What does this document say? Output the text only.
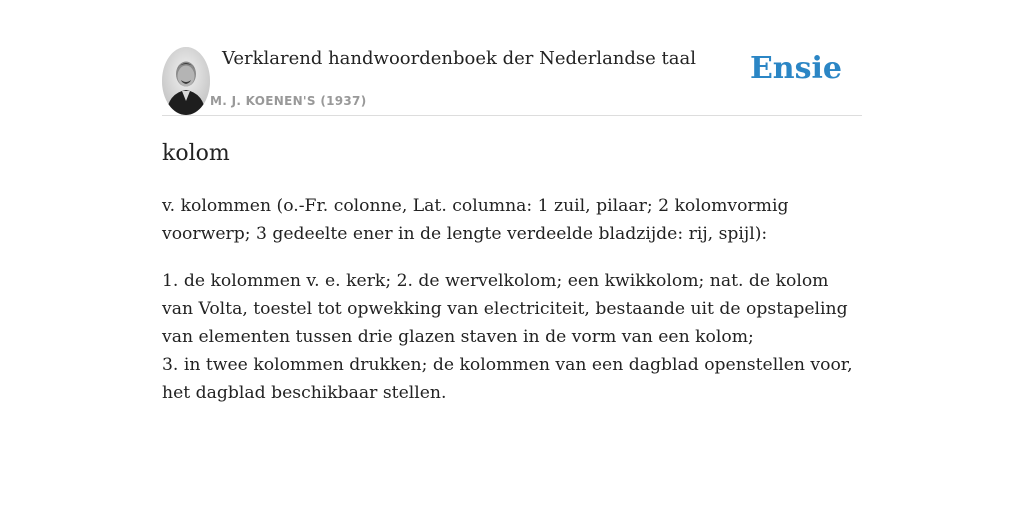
Verklarend handwoordenboek der Nederlandse taal
M. J. KOENEN'S (1937)
Ensie
kolom

v. kolommen (o.-Fr. colonne, Lat. columna: 1 zuil, pilaar; 2 kolomvormig voorwerp; 3 gedeelte ener in de lengte verdeelde bladzijde: rij, spijl):

1. de kolommen v. e. kerk; 2. de wervelkolom; een kwikkolom; nat. de kolom van Volta, toestel tot opwekking van electriciteit, bestaande uit de opstapeling van elementen tussen drie glazen staven in de vorm van een kolom;
3. in twee kolommen drukken; de kolommen van een dagblad openstellen voor, het dagblad beschikbaar stellen.
